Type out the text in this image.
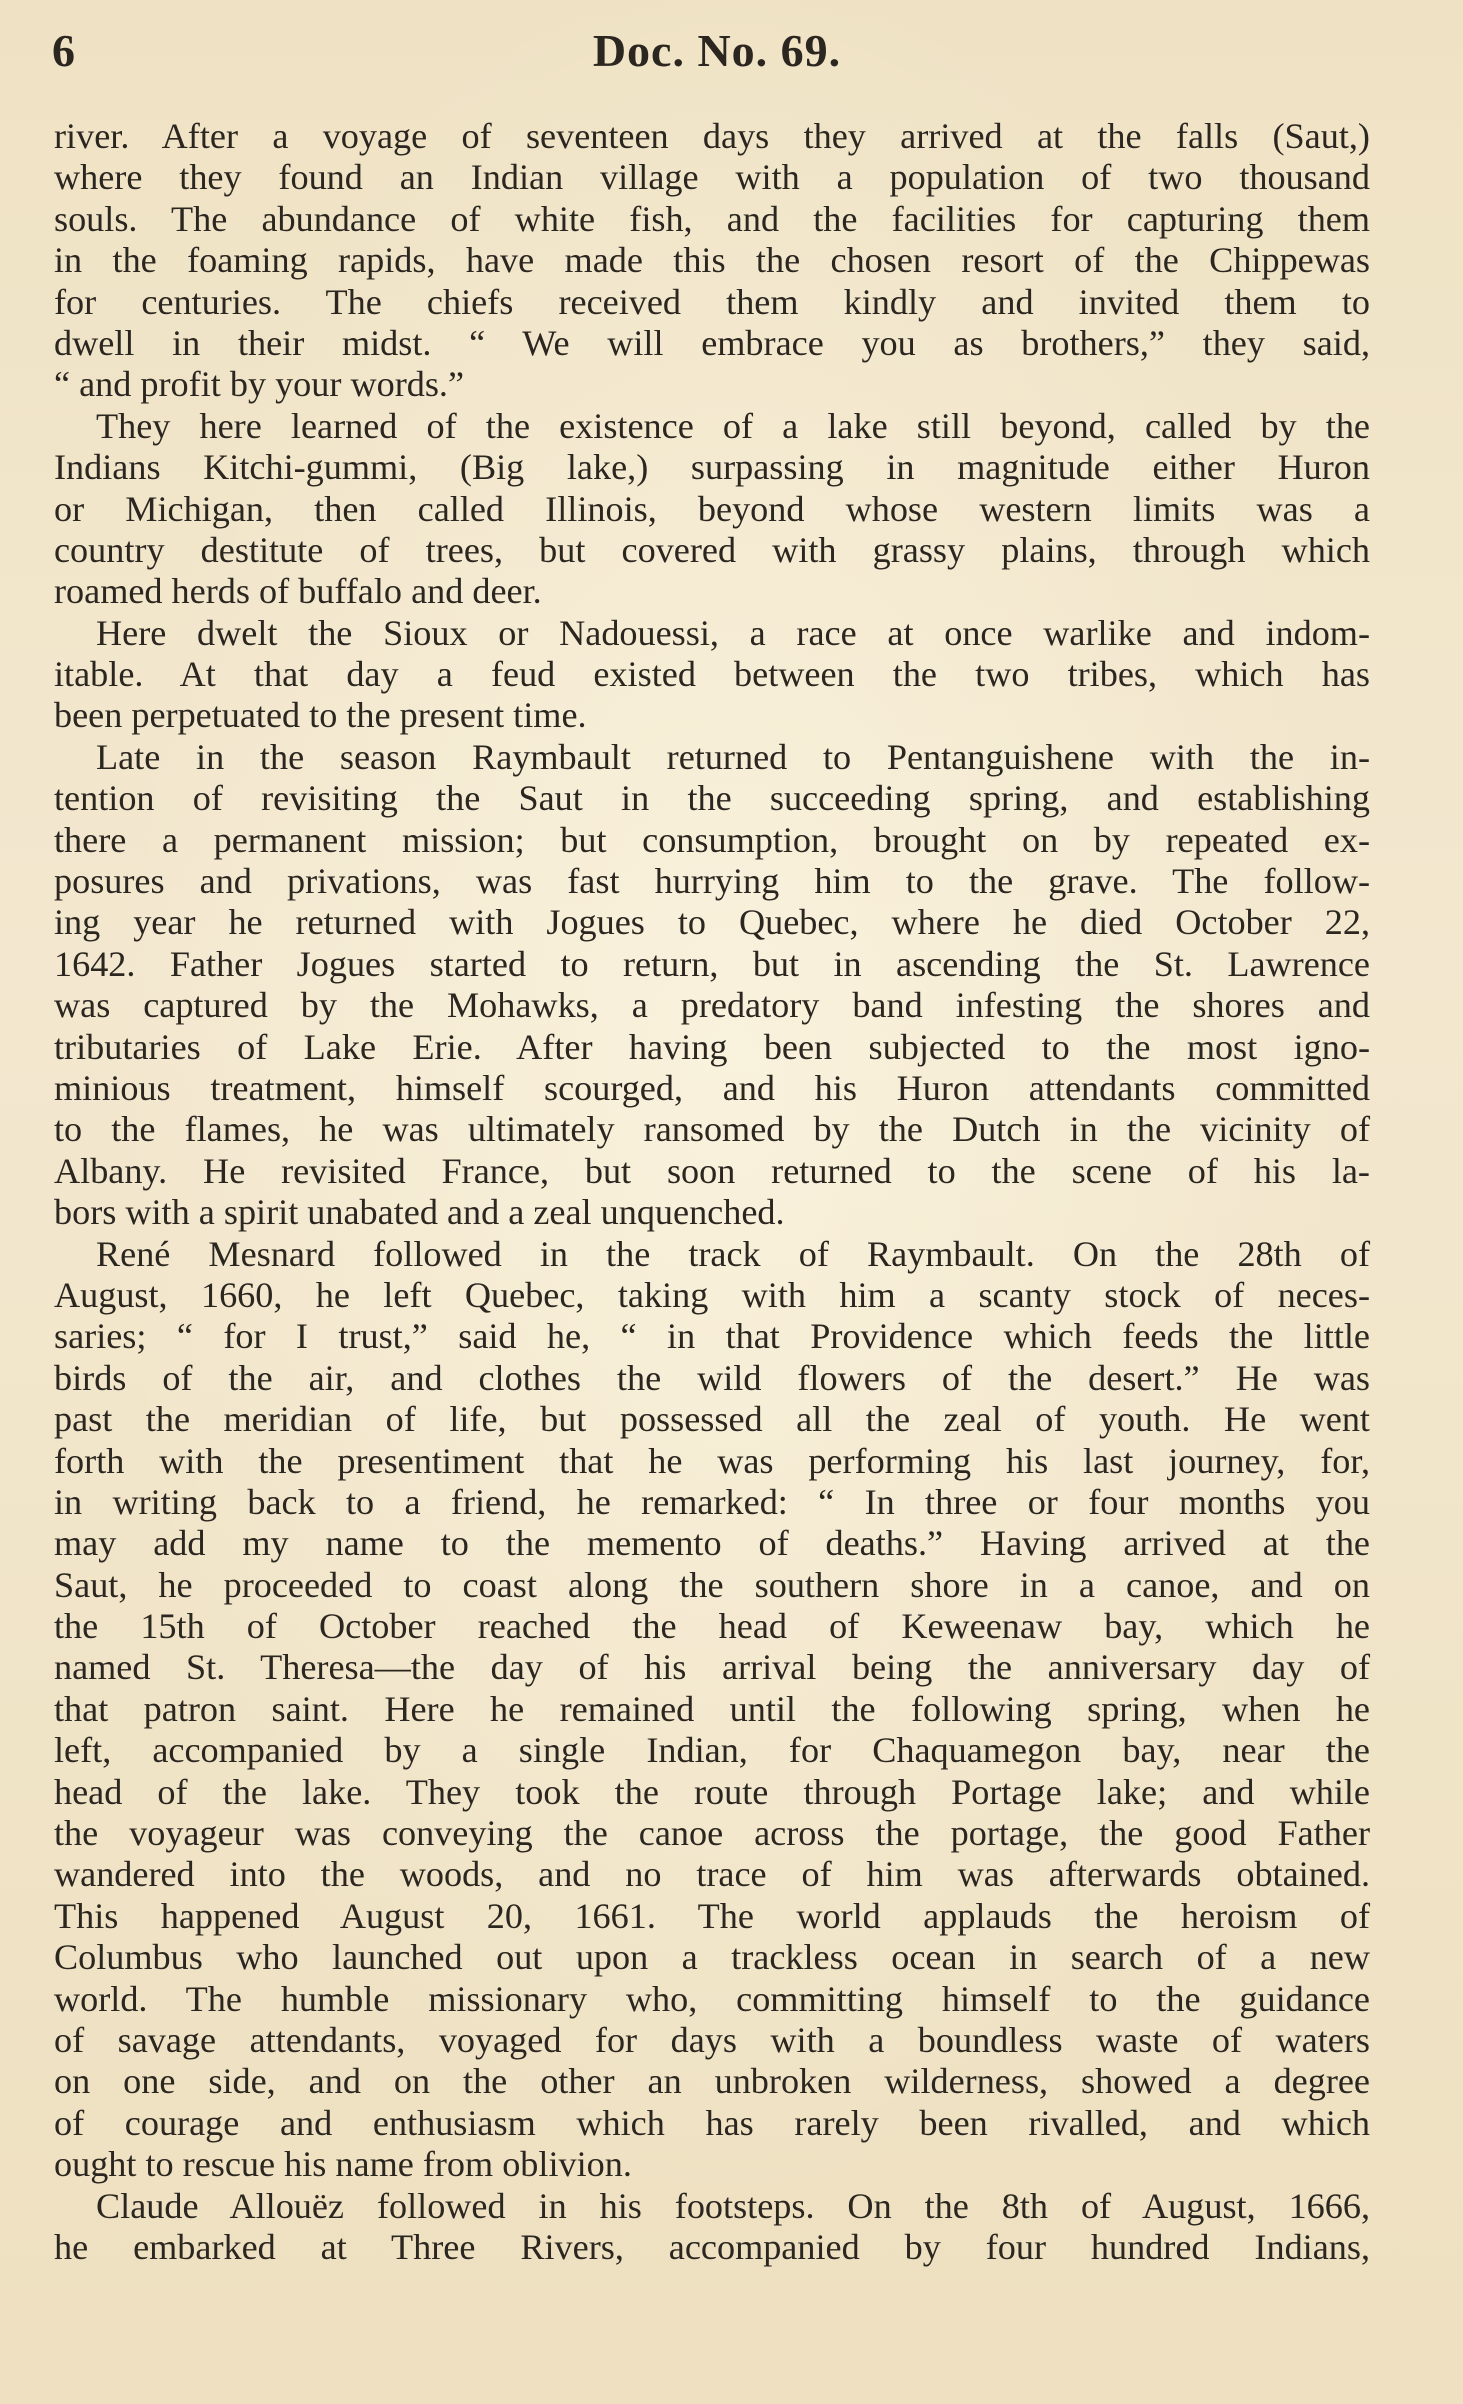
6	Doc. No. 69.
river. After a voyage of seventeen days they arrived at the falls (Saut,)
where they found an Indian village with a population of two thousand
souls. The abundance of white fish, and the facilities for capturing them
in the foaming rapids, have made this the chosen resort of the Chippewas
for centuries. The chiefs received them kindly and invited them to
dwell in their midst. “ We will embrace you as brothers,” they said,
“ and profit by your words.”
They here learned of the existence of a lake still beyond, called by the
Indians Kitchi-gummi, (Big lake,) surpassing in magnitude either Huron
or Michigan, then called Illinois, beyond whose western limits was a
country destitute of trees, but covered with grassy plains, through which
roamed herds of buffalo and deer.
Here dwelt the Sioux or Nadouessi, a race at once warlike and indom-
itable. At that day a feud existed between the two tribes, which has
been perpetuated to the present time.
Late in the season Raymbault returned to Pentanguishene with the in-
tention of revisiting the Saut in the succeeding spring, and establishing
there a permanent mission; but consumption, brought on by repeated ex-
posures and privations, was fast hurrying him to the grave. The follow-
ing year he returned with Jogues to Quebec, where he died October 22,
1642. Father Jogues started to return, but in ascending the St. Lawrence
was captured by the Mohawks, a predatory band infesting the shores and
tributaries of Lake Erie. After having been subjected to the most igno-
minious treatment, himself scourged, and his Huron attendants committed
to the flames, he was ultimately ransomed by the Dutch in the vicinity of
Albany. He revisited France, but soon returned to the scene of his la-
bors with a spirit unabated and a zeal unquenched.
René Mesnard followed in the track of Raymbault. On the 28th of
August, 1660, he left Quebec, taking with him a scanty stock of neces-
saries; “ for I trust,” said he, “ in that Providence which feeds the little
birds of the air, and clothes the wild flowers of the desert.” He was
past the meridian of life, but possessed all the zeal of youth. He went
forth with the presentiment that he was performing his last journey, for,
in writing back to a friend, he remarked: “ In three or four months you
may add my name to the memento of deaths.” Having arrived at the
Saut, he proceeded to coast along the southern shore in a canoe, and on
the 15th of October reached the head of Keweenaw bay, which he
named St. Theresa—the day of his arrival being the anniversary day of
that patron saint. Here he remained until the following spring, when he
left, accompanied by a single Indian, for Chaquamegon bay, near the
head of the lake. They took the route through Portage lake; and while
the voyageur was conveying the canoe across the portage, the good Father
wandered into the woods, and no trace of him was afterwards obtained.
This happened August 20, 1661. The world applauds the heroism of
Columbus who launched out upon a trackless ocean in search of a new
world. The humble missionary who, committing himself to the guidance
of savage attendants, voyaged for days with a boundless waste of waters
on one side, and on the other an unbroken wilderness, showed a degree
of courage and enthusiasm which has rarely been rivalled, and which
ought to rescue his name from oblivion.
Claude Allouëz followed in his footsteps. On the 8th of August, 1666,
he embarked at Three Rivers, accompanied by four hundred Indians,
